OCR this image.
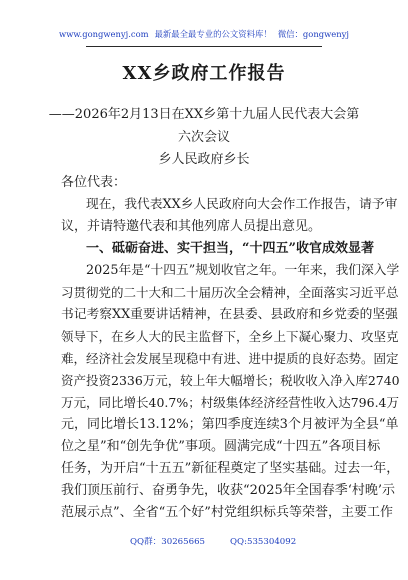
www.gongwenyj.com 最新最全最专业的公文资料库！ 微信：gongwenyj
XX乡政府工作报告
——2026年2月13日在XX乡第十九届人民代表大会第
六次会议
乡人民政府乡长
各位代表：
现在，我代表XX乡人民政府向大会作工作报告，请予审
议，并请特邀代表和其他列席人员提出意见。
一、砥砺奋进、实干担当，“十四五”收官成效显著
2025年是“十四五”规划收官之年。一年来，我们深入学
习贯彻党的二十大和二十届历次全会精神，全面落实习近平总
书记考察XX重要讲话精神，在县委、县政府和乡党委的坚强
领导下，在乡人大的民主监督下，全乡上下凝心聚力、攻坚克
难，经济社会发展呈现稳中有进、进中提质的良好态势。固定
资产投资2336万元，较上年大幅增长；税收收入净入库2740
万元，同比增长40.7%；村级集体经济经营性收入达796.4万
元，同比增长13.12%；第四季度连续3个月被评为全县“单
位之星”和“创先争优”事项。圆满完成“十四五”各项目标
任务，为开启“十五五”新征程奠定了坚实基础。过去一年，
我们顶压前行、奋勇争先，收获“2025年全国春季‘村晚’示
范展示点”、全省“五个好”村党组织标兵等荣誉，主要工作
QQ群：30265665	QQ:535304092
